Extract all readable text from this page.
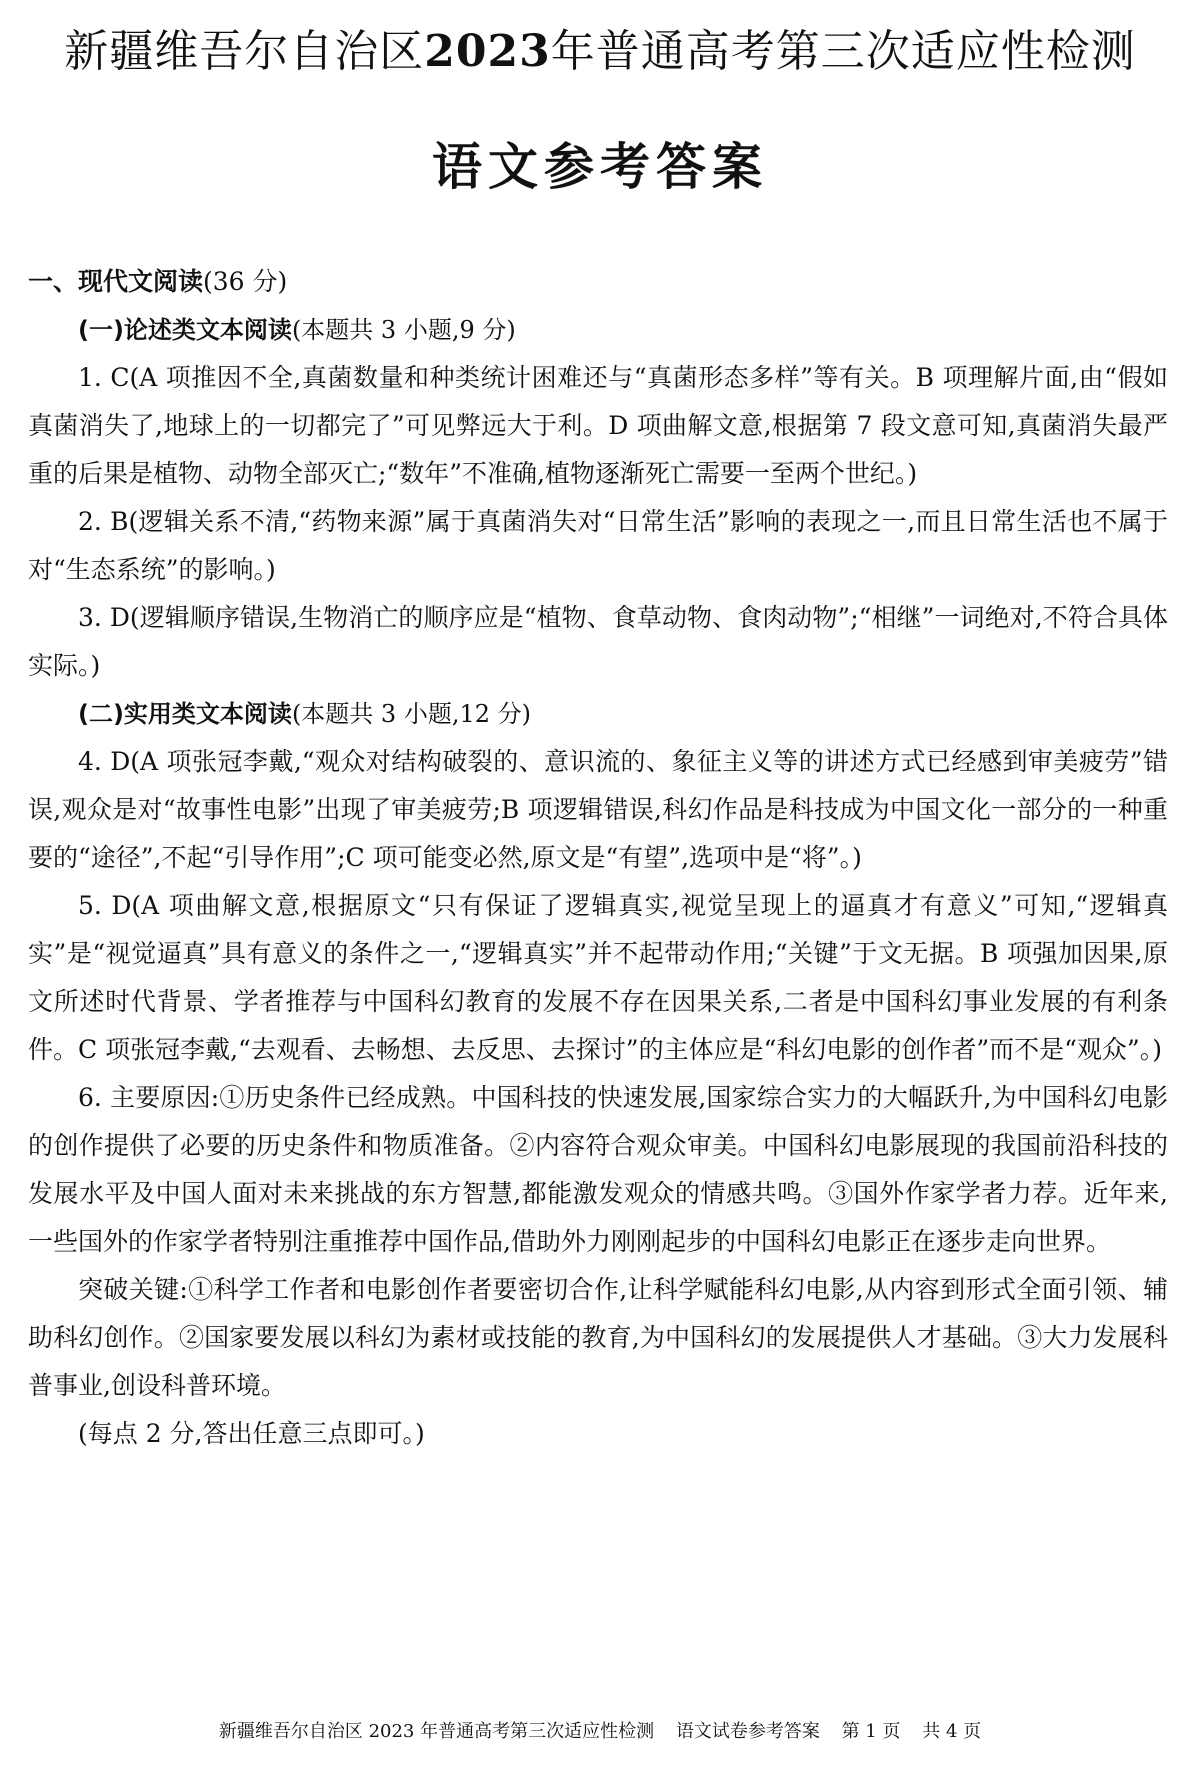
新疆维吾尔自治区2023年普通高考第三次适应性检测
语文参考答案

一、现代文阅读(36 分)

(一)论述类文本阅读(本题共 3 小题,9 分)

1. C(A 项推因不全,真菌数量和种类统计困难还与“真菌形态多样”等有关。B 项理解片面,由“假如真菌消失了,地球上的一切都完了”可见弊远大于利。D 项曲解文意,根据第 7 段文意可知,真菌消失最严重的后果是植物、动物全部灭亡;“数年”不准确,植物逐渐死亡需要一至两个世纪。)

2. B(逻辑关系不清,“药物来源”属于真菌消失对“日常生活”影响的表现之一,而且日常生活也不属于对“生态系统”的影响。)

3. D(逻辑顺序错误,生物消亡的顺序应是“植物、食草动物、食肉动物”;“相继”一词绝对,不符合具体实际。)

(二)实用类文本阅读(本题共 3 小题,12 分)

4. D(A 项张冠李戴,“观众对结构破裂的、意识流的、象征主义等的讲述方式已经感到审美疲劳”错误,观众是对“故事性电影”出现了审美疲劳;B 项逻辑错误,科幻作品是科技成为中国文化一部分的一种重要的“途径”,不起“引导作用”;C 项可能变必然,原文是“有望”,选项中是“将”。)

5. D(A 项曲解文意,根据原文“只有保证了逻辑真实,视觉呈现上的逼真才有意义”可知,“逻辑真实”是“视觉逼真”具有意义的条件之一,“逻辑真实”并不起带动作用;“关键”于文无据。B 项强加因果,原文所述时代背景、学者推荐与中国科幻教育的发展不存在因果关系,二者是中国科幻事业发展的有利条件。C 项张冠李戴,“去观看、去畅想、去反思、去探讨”的主体应是“科幻电影的创作者”而不是“观众”。)

6. 主要原因:①历史条件已经成熟。中国科技的快速发展,国家综合实力的大幅跃升,为中国科幻电影的创作提供了必要的历史条件和物质准备。②内容符合观众审美。中国科幻电影展现的我国前沿科技的发展水平及中国人面对未来挑战的东方智慧,都能激发观众的情感共鸣。③国外作家学者力荐。近年来,一些国外的作家学者特别注重推荐中国作品,借助外力刚刚起步的中国科幻电影正在逐步走向世界。

突破关键:①科学工作者和电影创作者要密切合作,让科学赋能科幻电影,从内容到形式全面引领、辅助科幻创作。②国家要发展以科幻为素材或技能的教育,为中国科幻的发展提供人才基础。③大力发展科普事业,创设科普环境。

(每点 2 分,答出任意三点即可。)

新疆维吾尔自治区 2023 年普通高考第三次适应性检测 语文试卷参考答案 第 1 页 共 4 页
